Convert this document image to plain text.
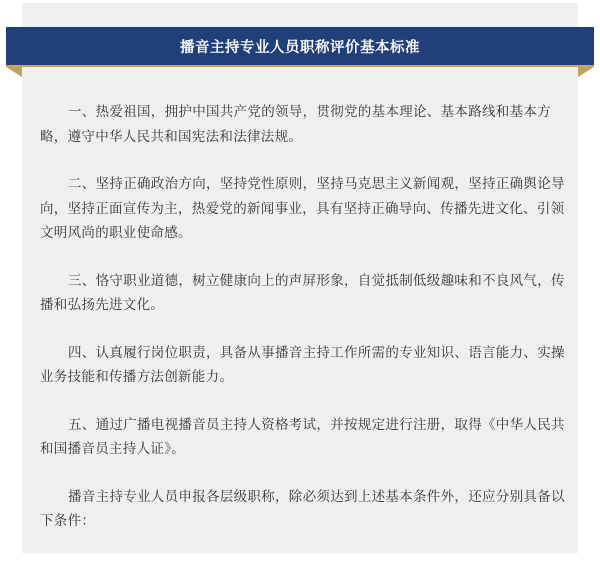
播音主持专业人员职称评价基本标准

一、热爱祖国，拥护中国共产党的领导，贯彻党的基本理论、基本路线和基本方略，遵守中华人民共和国宪法和法律法规。

二、坚持正确政治方向，坚持党性原则，坚持马克思主义新闻观，坚持正确舆论导向，坚持正面宣传为主，热爱党的新闻事业，具有坚持正确导向、传播先进文化、引领文明风尚的职业使命感。

三、恪守职业道德，树立健康向上的声屏形象，自觉抵制低级趣味和不良风气，传播和弘扬先进文化。

四、认真履行岗位职责，具备从事播音主持工作所需的专业知识、语言能力、实操业务技能和传播方法创新能力。

五、通过广播电视播音员主持人资格考试，并按规定进行注册，取得《中华人民共和国播音员主持人证》。

播音主持专业人员申报各层级职称，除必须达到上述基本条件外，还应分别具备以下条件：
